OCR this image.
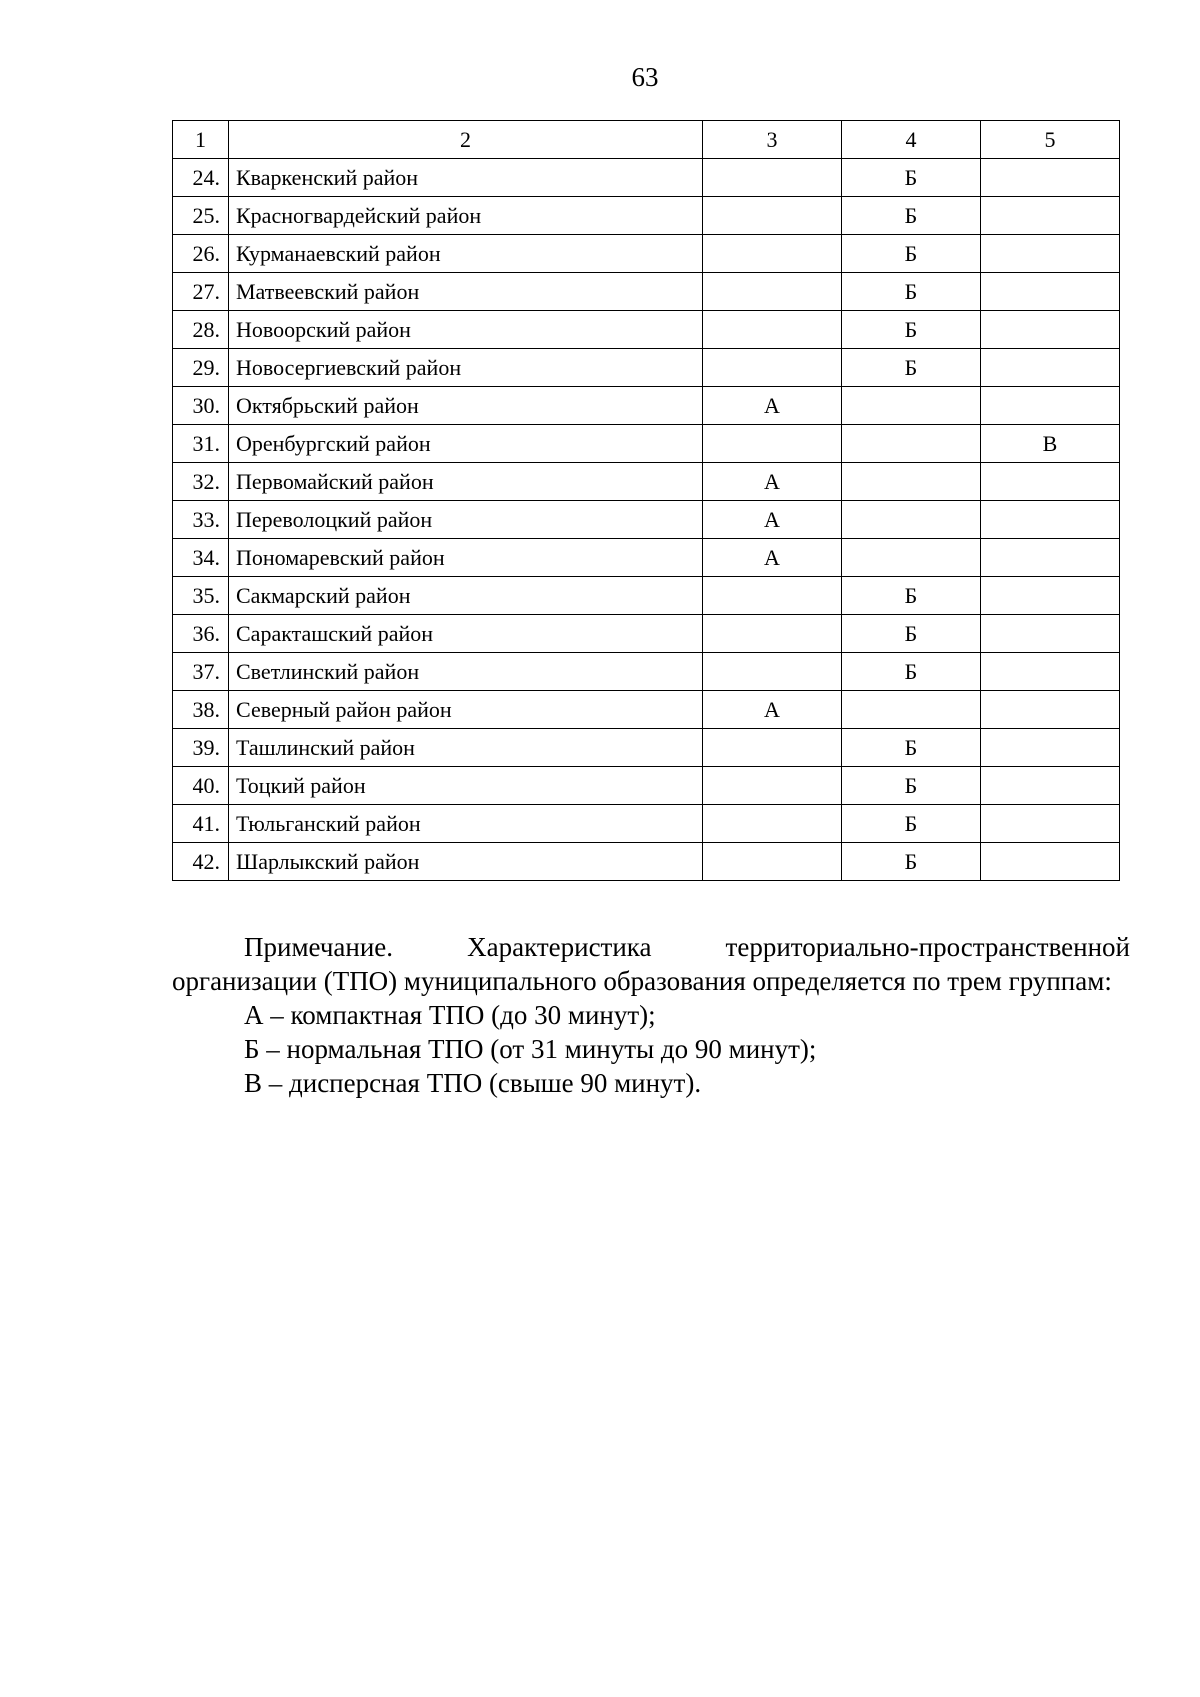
63
1	2	3	4	5
24.	Кваркенский район		Б	
25.	Красногвардейский район		Б	
26.	Курманаевский район		Б	
27.	Матвеевский район		Б	
28.	Новоорский район		Б	
29.	Новосергиевский район		Б	
30.	Октябрьский район	А		
31.	Оренбургский район			В
32.	Первомайский район	А		
33.	Переволоцкий район	А		
34.	Пономаревский район	А		
35.	Сакмарский район		Б	
36.	Саракташский район		Б	
37.	Светлинский район		Б	
38.	Северный район район	А		
39.	Ташлинский район		Б	
40.	Тоцкий район		Б	
41.	Тюльганский район		Б	
42.	Шарлыкский район		Б	

Примечание. Характеристика территориально-пространственной организации (ТПО) муниципального образования определяется по трем группам:

А – компактная ТПО (до 30 минут);

Б – нормальная ТПО (от 31 минуты до 90 минут);

В – дисперсная ТПО (свыше 90 минут).
